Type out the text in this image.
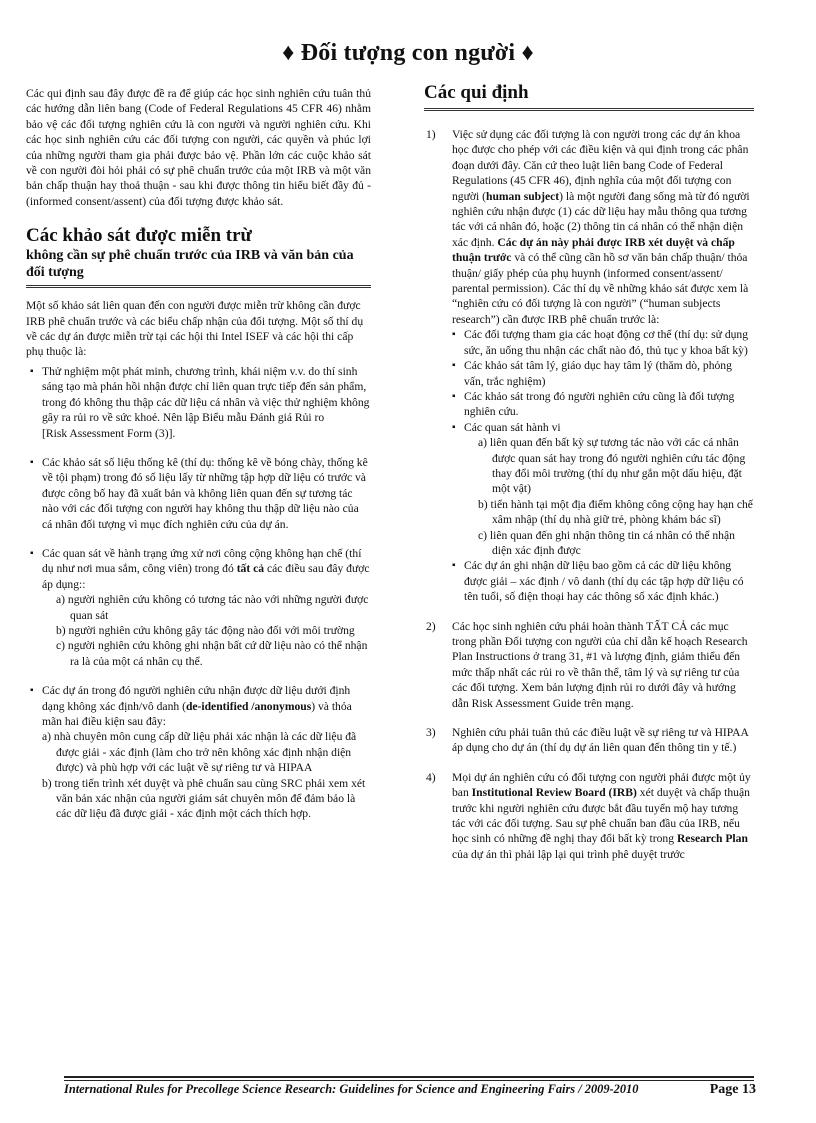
♦ Đối tượng con người ♦

Các qui định sau đây được đề ra để giúp các học sinh nghiên cứu tuân thủ các hướng dẫn liên bang (Code of Federal Regulations 45 CFR 46) nhằm bảo vệ các đối tượng nghiên cứu là con người và người nghiên cứu. Khi các học sinh nghiên cứu các đối tượng con người, các quyền và phúc lợi của những người tham gia phải được bảo vệ. Phần lớn các cuộc khảo sát về con người đòi hỏi phải có sự phê chuẩn trước của một IRB và một văn bản chấp thuận hay thoả thuận - sau khi được thông tin hiểu biết đầy đủ - (informed consent/assent) của đối tượng được khảo sát.

Các khảo sát được miễn trừ
không cần sự phê chuẩn trước của IRB và văn bản của đối tượng

Một số khảo sát liên quan đến con người được miễn trừ không cần được IRB phê chuẩn trước và các biểu chấp nhận của đối tượng. Một số thí dụ về các dự án được miễn trừ tại các hội thi Intel ISEF và các hội thi cấp phụ thuộc là:

▪ Thử nghiệm một phát minh, chương trình, khái niệm v.v. do thí sinh sáng tạo mà phản hồi nhận được chỉ liên quan trực tiếp đến sản phẩm, trong đó không thu thập các dữ liệu cá nhân và việc thử nghiệm không gây ra rủi ro về sức khoẻ. Nên lập Biểu mẫu Đánh giá Rủi ro
[Risk Assessment Form (3)].
▪ Các khảo sát số liệu thống kê (thí dụ: thống kê về bóng chày, thống kê về tội phạm) trong đó số liệu lấy từ những tập hợp dữ liệu có trước và được công bố hay đã xuất bản và không liên quan đến sự tương tác nào với các đối tượng con người hay không thu thập dữ liệu nào của cá nhân đối tượng vì mục đích nghiên cứu của dự án.
▪ Các quan sát về hành trạng ứng xử nơi công cộng không hạn chế (thí dụ như nơi mua sắm, công viên) trong đó tất cả các điều sau đây được áp dụng::
a) người nghiên cứu không có tương tác nào với những người được quan sát
b) người nghiên cứu không gây tác động nào đối với môi trường
c) người nghiên cứu không ghi nhận bất cứ dữ liệu nào có thể nhận ra là của một cá nhân cụ thể.
▪ Các dự án trong đó người nghiên cứu nhận được dữ liệu dưới định dạng không xác định/vô danh (de-identified /anonymous) và thỏa mãn hai điều kiện sau đây:
a) nhà chuyên môn cung cấp dữ liệu phải xác nhận là các dữ liệu đã được giải - xác định (làm cho trở nên không xác định nhận diện được) và phù hợp với các luật về sự riêng tư và HIPAA
b) trong tiến trình xét duyệt và phê chuẩn sau cùng SRC phải xem xét văn bản xác nhận của người giám sát chuyên môn để đảm bảo là các dữ liệu đã được giải - xác định một cách thích hợp.
Các qui định
1) Việc sử dụng các đối tượng là con người trong các dự án khoa học được cho phép với các điều kiện và qui định trong các phân đoạn dưới đây. Căn cứ theo luật liên bang Code of Federal Regulations (45 CFR 46), định nghĩa của một đối tượng con người (human subject) là một người đang sống mà từ đó người nghiên cứu nhận được (1) các dữ liệu hay mẫu thông qua tương tác với cá nhân đó, hoặc (2) thông tin cá nhân có thể nhận diện xác định. Các dự án này phải được IRB xét duyệt và chấp thuận trước và có thể cũng cần hồ sơ văn bản chấp thuận/ thỏa thuận/ giấy phép của phụ huynh (informed consent/assent/ parental permission). Các thí dụ về những khảo sát được xem là “nghiên cứu có đối tượng là con người” (“human subjects research”) cần được IRB phê chuẩn trước là:
▪ Các đối tượng tham gia các hoạt động cơ thể (thí dụ: sử dụng sức, ăn uống thu nhận các chất nào đó, thủ tục y khoa bất kỳ)
▪ Các khảo sát tâm lý, giáo dục hay tâm lý (thăm dò, phỏng vấn, trắc nghiệm)
▪ Các khảo sát trong đó người nghiên cứu cũng là đối tượng nghiên cứu.
▪ Các quan sát hành vi
a) liên quan đến bất kỳ sự tương tác nào với các cá nhân được quan sát hay trong đó người nghiên cứu tác động thay đổi môi trường (thí dụ như gắn một dấu hiệu, đặt một vật)
b) tiến hành tại một địa điểm không công cộng hay hạn chế xâm nhập (thí dụ nhà giữ trẻ, phòng khám bác sĩ)
c) liên quan đến ghi nhận thông tin cá nhân có thể nhận diện xác định được
▪ Các dự án ghi nhận dữ liệu bao gồm cả các dữ liệu không được giải – xác định / vô danh (thí dụ các tập hợp dữ liệu có tên tuổi, số điện thoại hay các thông số xác định khác.)
2) Các học sinh nghiên cứu phải hoàn thành TẤT CẢ các mục trong phần Đối tượng con người của chỉ dẫn kế hoạch Research Plan Instructions ở trang 31, #1 và lượng định, giảm thiểu đến mức thấp nhất các rủi ro về thân thể, tâm lý và sự riêng tư của các đối tượng. Xem bản lượng định rủi ro dưới đây và hướng dẫn Risk Assessment Guide trên mạng.
3) Nghiên cứu phải tuân thủ các điều luật về sự riêng tư và HIPAA áp dụng cho dự án (thí dụ dự án liên quan đến thông tin y tế.)
4) Mọi dự án nghiên cứu có đối tượng con người phải được một ủy ban Institutional Review Board (IRB) xét duyệt và chấp thuận trước khi người nghiên cứu được bắt đầu tuyển mộ hay tương tác với các đối tượng. Sau sự phê chuẩn ban đầu của IRB, nếu học sinh có những đề nghị thay đổi bất kỳ trong Research Plan của dự án thì phải lập lại qui trình phê duyệt trước
International Rules for Precollege Science Research: Guidelines for Science and Engineering Fairs / 2009-2010	Page 13
